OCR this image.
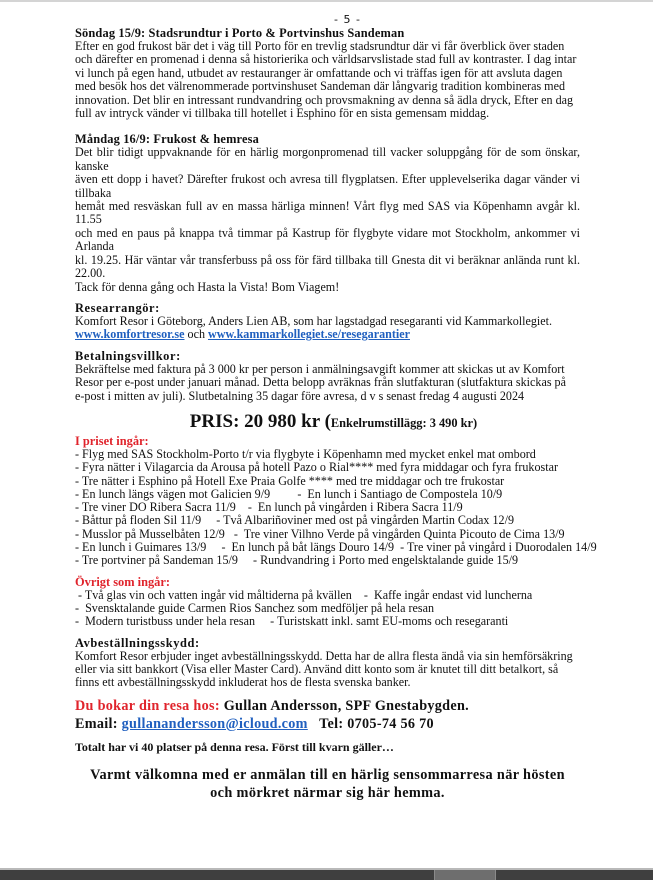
- 5 -
Söndag 15/9: Stadsrundtur i Porto & Portvinshus Sandeman
Efter en god frukost bär det i väg till Porto för en trevlig stadsrundtur där vi får överblick över staden
och därefter en promenad i denna så historierika och världsarvslistade stad full av kontraster. I dag intar
vi lunch på egen hand, utbudet av restauranger är omfattande och vi träffas igen för att avsluta dagen
med besök hos det välrenommerade portvinshuset Sandeman där långvarig tradition kombineras med
innovation. Det blir en intressant rundvandring och provsmakning av denna så ädla dryck, Efter en dag
full av intryck vänder vi tillbaka till hotellet i Esphino för en sista gemensam middag.
Måndag 16/9: Frukost & hemresa
Det blir tidigt uppvaknande för en härlig morgonpromenad till vacker soluppgång för de som önskar, kanske
även ett dopp i havet? Därefter frukost och avresa till flygplatsen. Efter upplevelserika dagar vänder vi tillbaka
hemåt med resväskan full av en massa härliga minnen! Vårt flyg med SAS via Köpenhamn avgår kl. 11.55
och med en paus på knappa två timmar på Kastrup för flygbyte vidare mot Stockholm, ankommer vi Arlanda
kl. 19.25. Här väntar vår transferbuss på oss för färd tillbaka till Gnesta dit vi beräknar anlända runt kl. 22.00.
Tack för denna gång och Hasta la Vista! Bom Viagem!
Researrangör:
Komfort Resor i Göteborg, Anders Lien AB, som har lagstadgad resegaranti vid Kammarkollegiet.
www.komfortresor.se och www.kammarkollegiet.se/resegarantier
Betalningsvillkor:
Bekräftelse med faktura på 3 000 kr per person i anmälningsavgift kommer att skickas ut av Komfort
Resor per e-post under januari månad. Detta belopp avräknas från slutfakturan (slutfaktura skickas på
e-post i mitten av juli). Slutbetalning 35 dagar före avresa, d v s senast fredag 4 augusti 2024
PRIS: 20 980 kr (Enkelrumstillägg: 3 490 kr)
I priset ingår:
- Flyg med SAS Stockholm-Porto t/r via flygbyte i Köpenhamn med mycket enkel mat ombord
- Fyra nätter i Vilagarcia da Arousa på hotell Pazo o Rial**** med fyra middagar och fyra frukostar
- Tre nätter i Esphino på Hotell Exe Praia Golfe **** med tre middagar och tre frukostar
- En lunch längs vägen mot Galicien 9/9         -  En lunch i Santiago de Compostela 10/9
- Tre viner DO Ribera Sacra 11/9    -  En lunch på vingården i Ribera Sacra 11/9
- Båttur på floden Sil 11/9     - Två Albariñoviner med ost på vingården Martin Codax 12/9
- Musslor på Musselbåten 12/9   -  Tre viner Vilhno Verde på vingården Quinta Picouto de Cima 13/9
- En lunch i Guimares 13/9     -  En lunch på båt längs Douro 14/9  - Tre viner på vingård i Duorodalen 14/9
- Tre portviner på Sandeman 15/9     - Rundvandring i Porto med engelsktalande guide 15/9
Övrigt som ingår:
- Två glas vin och vatten ingår vid måltiderna på kvällen    -  Kaffe ingår endast vid luncherna
-  Svensktalande guide Carmen Rios Sanchez som medföljer på hela resan
-  Modern turistbuss under hela resan     - Turistskatt inkl. samt EU-moms och resegaranti
Avbeställningsskydd:
Komfort Resor erbjuder inget avbeställningsskydd. Detta har de allra flesta ändå via sin hemförsäkring
eller via sitt bankkort (Visa eller Master Card). Använd ditt konto som är knutet till ditt betalkort, så
finns ett avbeställningsskydd inkluderat hos de flesta svenska banker.
Du bokar din resa hos: Gullan Andersson, SPF Gnestabygden.
Email: gullanandersson@icloud.com   Tel: 0705-74 56 70
Totalt har vi 40 platser på denna resa. Först till kvarn gäller…
Varmt välkomna med er anmälan till en härlig sensommarresa när hösten
och mörkret närmar sig här hemma.
